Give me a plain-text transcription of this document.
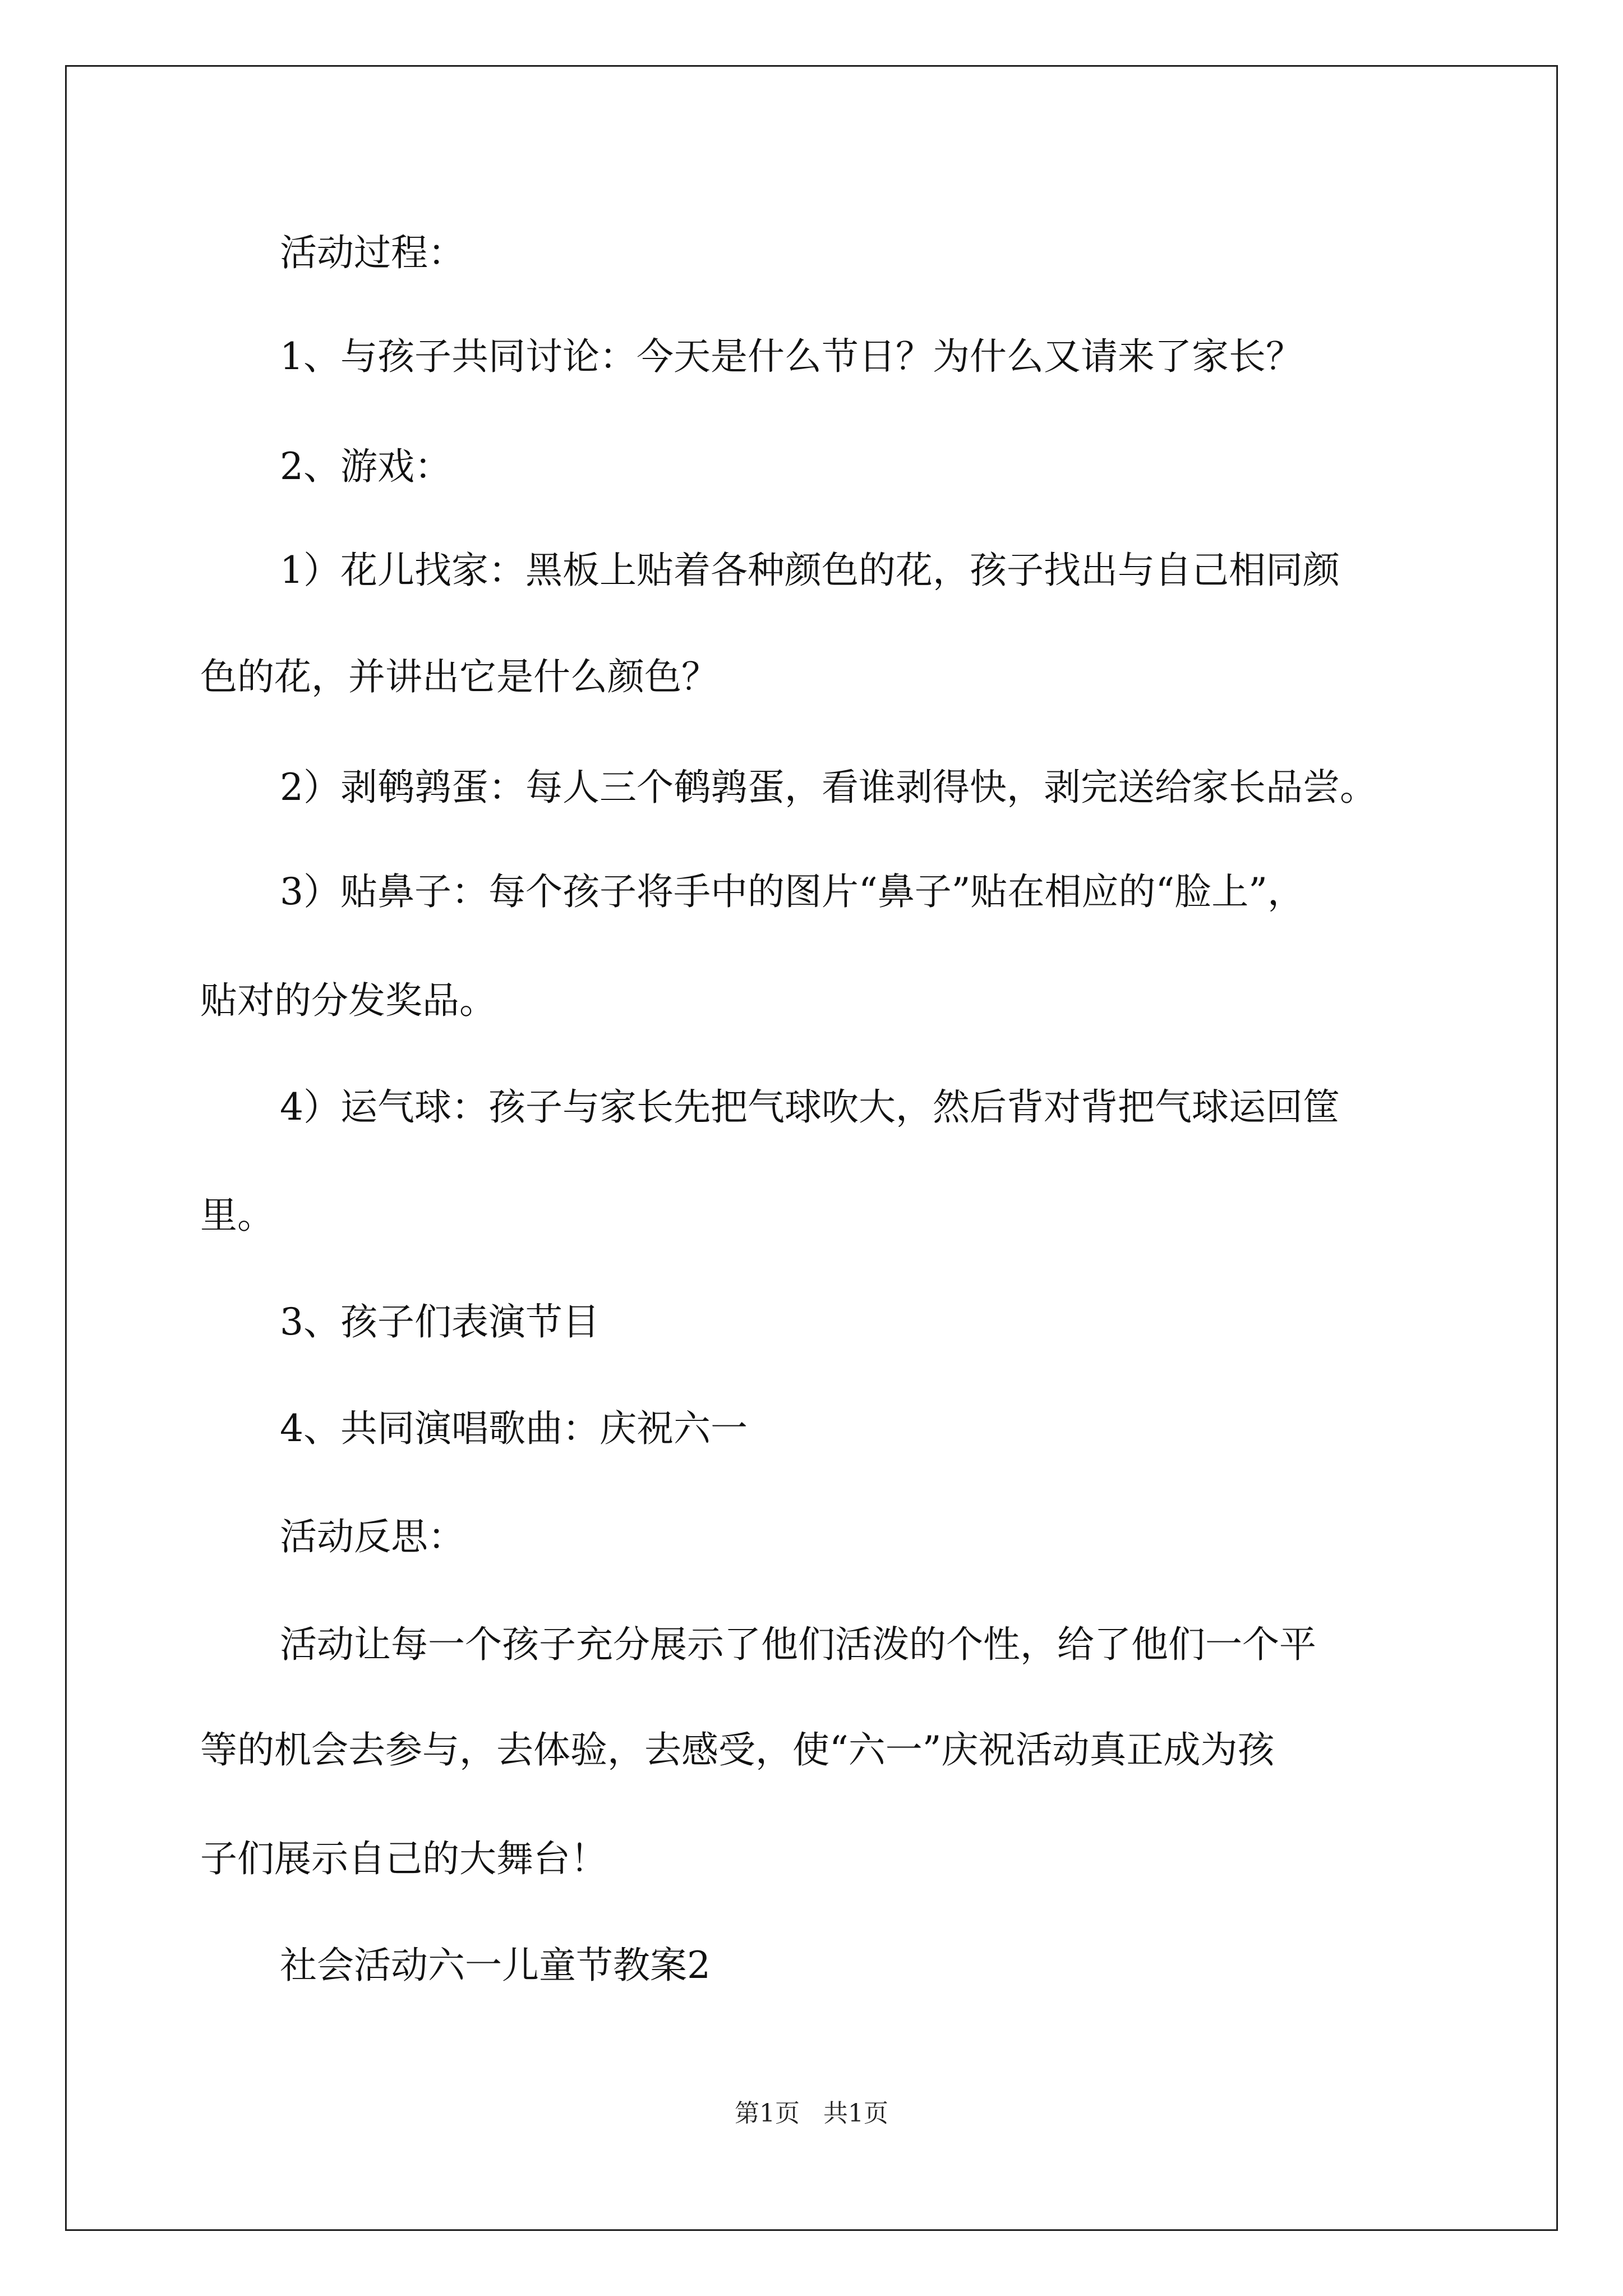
活动过程：

1、与孩子共同讨论：今天是什么节日？为什么又请来了家长？

2、游戏：

1）花儿找家：黑板上贴着各种颜色的花，孩子找出与自己相同颜

色的花，并讲出它是什么颜色？

2）剥鹌鹑蛋：每人三个鹌鹑蛋，看谁剥得快，剥完送给家长品尝。

3）贴鼻子：每个孩子将手中的图片“鼻子”贴在相应的“脸上”，

贴对的分发奖品。

4）运气球：孩子与家长先把气球吹大，然后背对背把气球运回筐

里。

3、孩子们表演节目

4、共同演唱歌曲：庆祝六一

活动反思：

活动让每一个孩子充分展示了他们活泼的个性，给了他们一个平

等的机会去参与，去体验，去感受，使“六一”庆祝活动真正成为孩

子们展示自己的大舞台！

社会活动六一儿童节教案2

第1页 共1页
